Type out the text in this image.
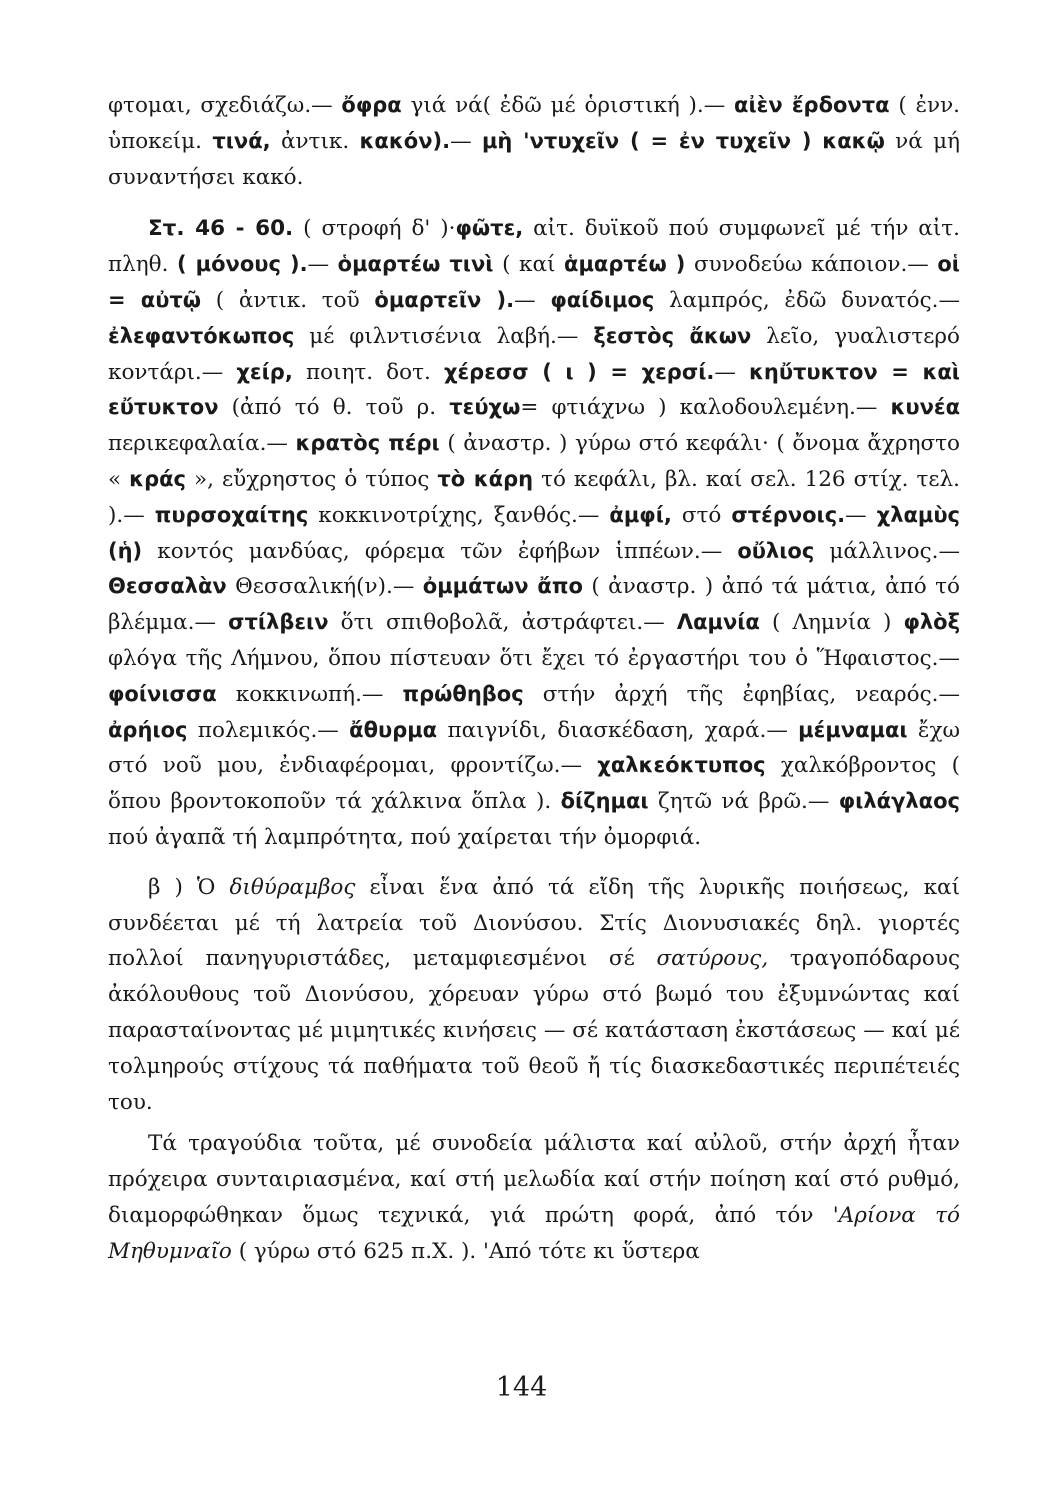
φτομαι, σχεδιάζω.— ὄφρα γιά νά( ἐδῶ μέ ὁριστική ).— αἰὲν ἔρδοντα ( ἐνν. ὑποκείμ. τινά, ἀντικ. κακόν).— μὴ 'ντυχεῖν ( = ἐν τυχεῖν ) κακῷ νά μή συναντήσει κακό.

Στ. 46 - 60. ( στροφή δ' )·φῶτε, αἰτ. δυϊκοῦ πού συμφωνεῖ μέ τήν αἰτ. πληθ. ( μόνους ).— ὁμαρτέω τινὶ ( καί ἁμαρτέω ) συνοδεύω κάποιον.— οἱ = αὐτῷ ( ἀντικ. τοῦ ὁμαρτεῖν ).— φαίδιμος λαμπρός, ἐδῶ δυνατός.— ἐλεφαντόκωπος μέ φιλντισένια λαβή.— ξεστὸς ἄκων λεῖο, γυαλιστερό κοντάρι.— χείρ, ποιητ. δοτ. χέρεσσ ( ι ) = χερσί.— κηὔτυκτον = καὶ εὔτυκτον (ἀπό τό θ. τοῦ ρ. τεύχω= φτιάχνω ) καλοδουλεμένη.— κυνέα περικεφαλαία.— κρατὸς πέρι ( ἀναστρ. ) γύρω στό κεφάλι· ( ὄνομα ἄχρηστο « κράς », εὔχρηστος ὁ τύπος τὸ κάρη τό κεφάλι, βλ. καί σελ. 126 στίχ. τελ. ).— πυρσοχαίτης κοκκινοτρίχης, ξανθός.— ἀμφί, στό στέρνοις.— χλαμὺς (ἡ) κοντός μανδύας, φόρεμα τῶν ἐφήβων ἱππέων.— οὔλιος μάλλινος.— Θεσσαλὰν Θεσσαλική(ν).— ὀμμάτων ἄπο ( ἀναστρ. ) ἀπό τά μάτια, ἀπό τό βλέμμα.— στίλβειν ὅτι σπιθοβολᾶ, ἀστράφτει.— Λαμνία ( Λημνία ) φλὸξ φλόγα τῆς Λήμνου, ὅπου πίστευαν ὅτι ἔχει τό ἐργαστήρι του ὁ Ἥφαιστος.— φοίνισσα κοκκινωπή.— πρώθηβος στήν ἀρχή τῆς ἐφηβίας, νεαρός.— ἀρήιος πολεμικός.— ἄθυρμα παιγνίδι, διασκέδαση, χαρά.— μέμναμαι ἔχω στό νοῦ μου, ἐνδιαφέρομαι, φροντίζω.— χαλκεόκτυπος χαλκόβροντος ( ὅπου βροντοκοποῦν τά χάλκινα ὅπλα ). δίζημαι ζητῶ νά βρῶ.— φιλάγλαος πού ἀγαπᾶ τή λαμπρότητα, πού χαίρεται τήν ὀμορφιά.

β ) Ὁ διθύραμβος εἶναι ἕνα ἀπό τά εἴδη τῆς λυρικῆς ποιήσεως, καί συνδέεται μέ τή λατρεία τοῦ Διονύσου. Στίς Διονυσιακές δηλ. γιορτές πολλοί πανηγυριστάδες, μεταμφιεσμένοι σέ σατύρους, τραγοπόδαρους ἀκόλουθους τοῦ Διονύσου, χόρευαν γύρω στό βωμό του ἐξυμνώντας καί παρασταίνοντας μέ μιμητικές κινήσεις — σέ κατάσταση ἐκστάσεως — καί μέ τολμηρούς στίχους τά παθήματα τοῦ θεοῦ ἤ τίς διασκεδαστικές περιπέτειές του.

Τά τραγούδια τοῦτα, μέ συνοδεία μάλιστα καί αὐλοῦ, στήν ἀρχή ἦταν πρόχειρα συνταιριασμένα, καί στή μελωδία καί στήν ποίηση καί στό ρυθμό, διαμορφώθηκαν ὅμως τεχνικά, γιά πρώτη φορά, ἀπό τόν 'Αρίονα τό Μηθυμναῖο ( γύρω στό 625 π.Χ. ). 'Από τότε κι ὕστερα

144
